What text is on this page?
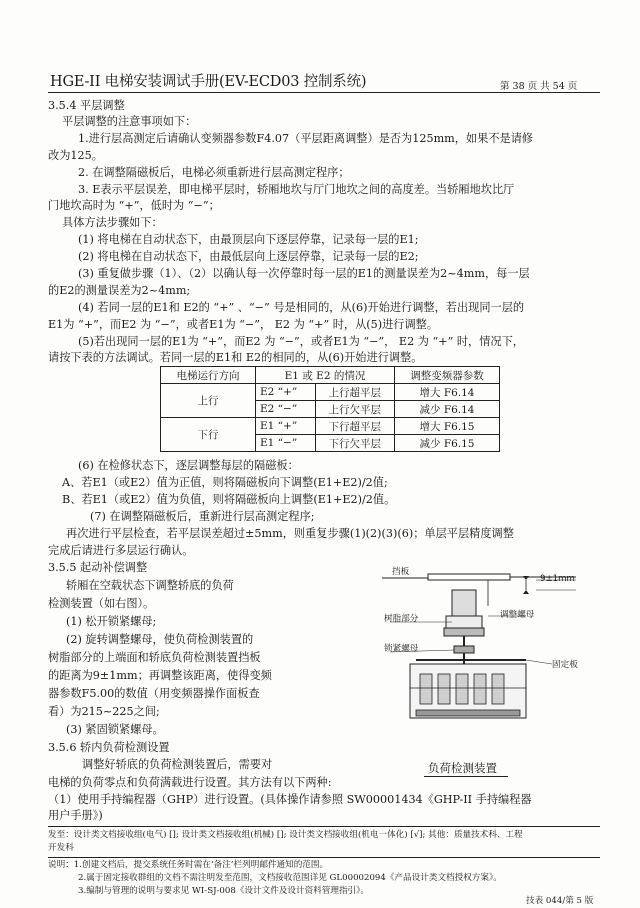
HGE-II 电梯安装调试手册(EV-ECD03 控制系统)	第 38 页 共 54 页
3.5.4 平层调整
平层调整的注意事项如下：
1.进行层高测定后请确认变频器参数F4.07（平层距离调整）是否为125mm，如果不是请修
改为125。
2. 在调整隔磁板后，电梯必须重新进行层高测定程序；
3. E表示平层误差，即电梯平层时，轿厢地坎与厅门地坎之间的高度差。当轿厢地坎比厅
门地坎高时为 “+”，低时为 “−”；
具体方法步骤如下：
(1) 将电梯在自动状态下，由最顶层向下逐层停靠，记录每一层的E1;
(2) 将电梯在自动状态下，由最低层向上逐层停靠，记录每一层的E2;
(3) 重复做步骤（1）、（2）以确认每一次停靠时每一层的E1的测量误差为2~4mm，每一层
的E2的测量误差为2~4mm;
(4) 若同一层的E1和 E2的 “+” 、“−” 号是相同的，从(6)开始进行调整，若出现同一层的
E1为 “+”，而E2 为 “−”，或者E1为 “−”， E2 为 “+” 时，从(5)进行调整。
(5)若出现同一层的E1为 “+”，而E2 为 “−”，或者E1为 “−”， E2 为 “+” 时，情况下，
请按下表的方法调试。若同一层的E1和 E2的相同的，从(6)开始进行调整。
电梯运行方向	E1 或 E2 的情况		调整变频器参数
上行	E2 “+”	上行超平层	增大 F6.14
	E2 “−”	上行欠平层	减少 F6.14
下行	E1 “+”	下行超平层	增大 F6.15
	E1 “−”	下行欠平层	减少 F6.15
(6) 在检修状态下，逐层调整每层的隔磁板：
A、若E1（或E2）值为正值，则将隔磁板向下调整(E1+E2)/2值;
B、若E1（或E2）值为负值，则将隔磁板向上调整(E1+E2)/2值。
(7) 在调整隔磁板后，重新进行层高测定程序;
再次进行平层检查，若平层误差超过±5mm，则重复步骤(1)(2)(3)(6)；单层平层精度调整
完成后请进行多层运行确认。
3.5.5 起动补偿调整
轿厢在空载状态下调整轿底的负荷
检测装置（如右图）。
(1) 松开锁紧螺母;
(2) 旋转调整螺母，使负荷检测装置的
树脂部分的上端面和轿底负荷检测装置挡板
的距离为9±1mm；再调整该距离，使得变频
器参数F5.00的数值（用变频器操作面板查
看）为215~225之间;
(3) 紧固锁紧螺母。
挡板
9±1mm
树脂部分	调整螺母
锁紧螺母
固定板
负荷检测装置
3.5.6 轿内负荷检测设置
调整好轿底的负荷检测装置后，需要对
电梯的负荷零点和负荷满载进行设置。其方法有以下两种:
（1）使用手持编程器（GHP）进行设置。(具体操作请参照 SW00001434《GHP-II 手持编程器
用户手册》)
发至：设计类文档接收组(电气) []; 设计类文档接收组(机械) []; 设计类文档接收组(机电一体化) [√]; 其他：质量技术科、工程
开发科
说明：1.创建文档后，提交系统任务时需在‘备注’栏列明邮件通知的范围。
2.属于固定接收群组的文档不需注明发至范围，文档接收范围详见 GL00002094《产品设计类文档授权方案》。
3.编制与管理的说明与要求见 WI-SJ-008《设计文件及设计资料管理指引》。
技表 044/第 5 版
